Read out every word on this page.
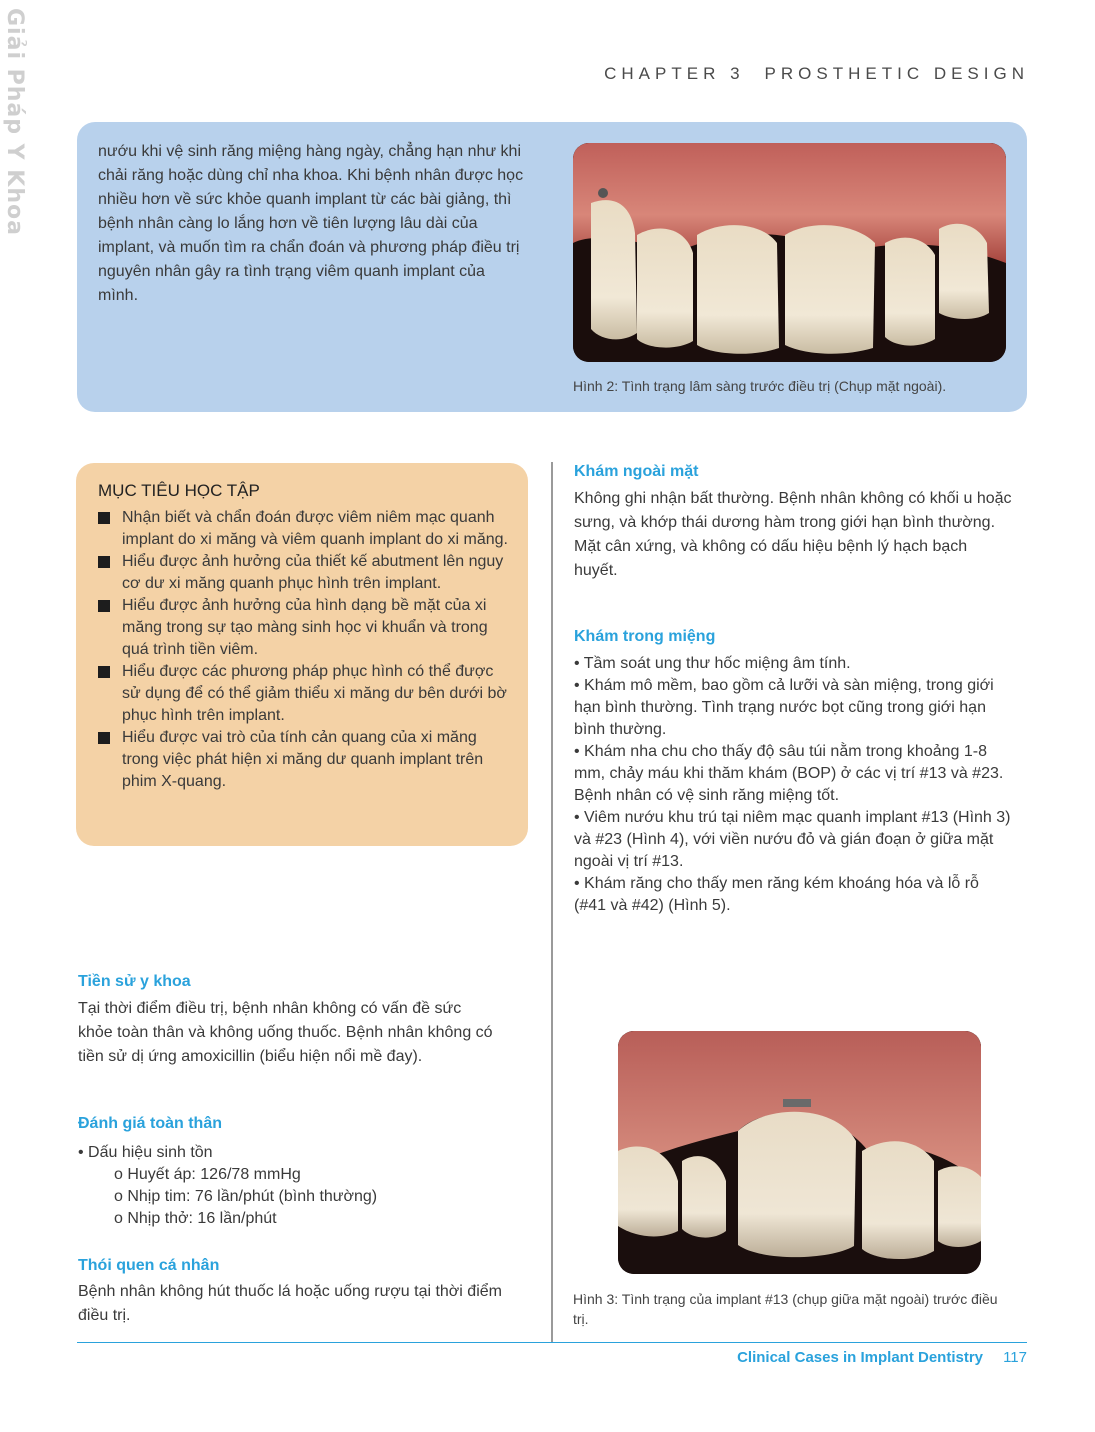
Giải Pháp Y Khoa	CHAPTER 3 PROSTHETIC DESIGN
nướu khi vệ sinh răng miệng hàng ngày, chẳng hạn như khi chải răng hoặc dùng chỉ nha khoa. Khi bệnh nhân được học nhiều hơn về sức khỏe quanh implant từ các bài giảng, thì bệnh nhân càng lo lắng hơn về tiên lượng lâu dài của implant, và muốn tìm ra chẩn đoán và phương pháp điều trị nguyên nhân gây ra tình trạng viêm quanh implant của mình.
Hình 2: Tình trạng lâm sàng trước điều trị (Chụp mặt ngoài).
MỤC TIÊU HỌC TẬP
Nhận biết và chẩn đoán được viêm niêm mạc quanh implant do xi măng và viêm quanh implant do xi măng.
Hiểu được ảnh hưởng của thiết kế abutment lên nguy cơ dư xi măng quanh phục hình trên implant.
Hiểu được ảnh hưởng của hình dạng bề mặt của xi măng trong sự tạo màng sinh học vi khuẩn và trong quá trình tiền viêm.
Hiểu được các phương pháp phục hình có thể được sử dụng để có thể giảm thiểu xi măng dư bên dưới bờ phục hình trên implant.
Hiểu được vai trò của tính cản quang của xi măng trong việc phát hiện xi măng dư quanh implant trên phim X-quang.
Khám ngoài mặt
Không ghi nhận bất thường. Bệnh nhân không có khối u hoặc sưng, và khớp thái dương hàm trong giới hạn bình thường. Mặt cân xứng, và không có dấu hiệu bệnh lý hạch bạch huyết.
Khám trong miệng
• Tầm soát ung thư hốc miệng âm tính.
• Khám mô mềm, bao gồm cả lưỡi và sàn miệng, trong giới hạn bình thường. Tình trạng nước bọt cũng trong giới hạn bình thường.
• Khám nha chu cho thấy độ sâu túi nằm trong khoảng 1-8 mm, chảy máu khi thăm khám (BOP) ở các vị trí #13 và #23. Bệnh nhân có vệ sinh răng miệng tốt.
• Viêm nướu khu trú tại niêm mạc quanh implant #13 (Hình 3) và #23 (Hình 4), với viền nướu đỏ và gián đoạn ở giữa mặt ngoài vị trí #13.
• Khám răng cho thấy men răng kém khoáng hóa và lỗ rỗ (#41 và #42) (Hình 5).
Hình 3: Tình trạng của implant #13 (chụp giữa mặt ngoài) trước điều trị.
Tiền sử y khoa
Tại thời điểm điều trị, bệnh nhân không có vấn đề sức khỏe toàn thân và không uống thuốc. Bệnh nhân không có tiền sử dị ứng amoxicillin (biểu hiện nổi mề đay).
Đánh giá toàn thân
• Dấu hiệu sinh tồn
o Huyết áp: 126/78 mmHg
o Nhịp tim: 76 lần/phút (bình thường)
o Nhịp thở: 16 lần/phút
Thói quen cá nhân
Bệnh nhân không hút thuốc lá hoặc uống rượu tại thời điểm điều trị.
Clinical Cases in Implant Dentistry 117
